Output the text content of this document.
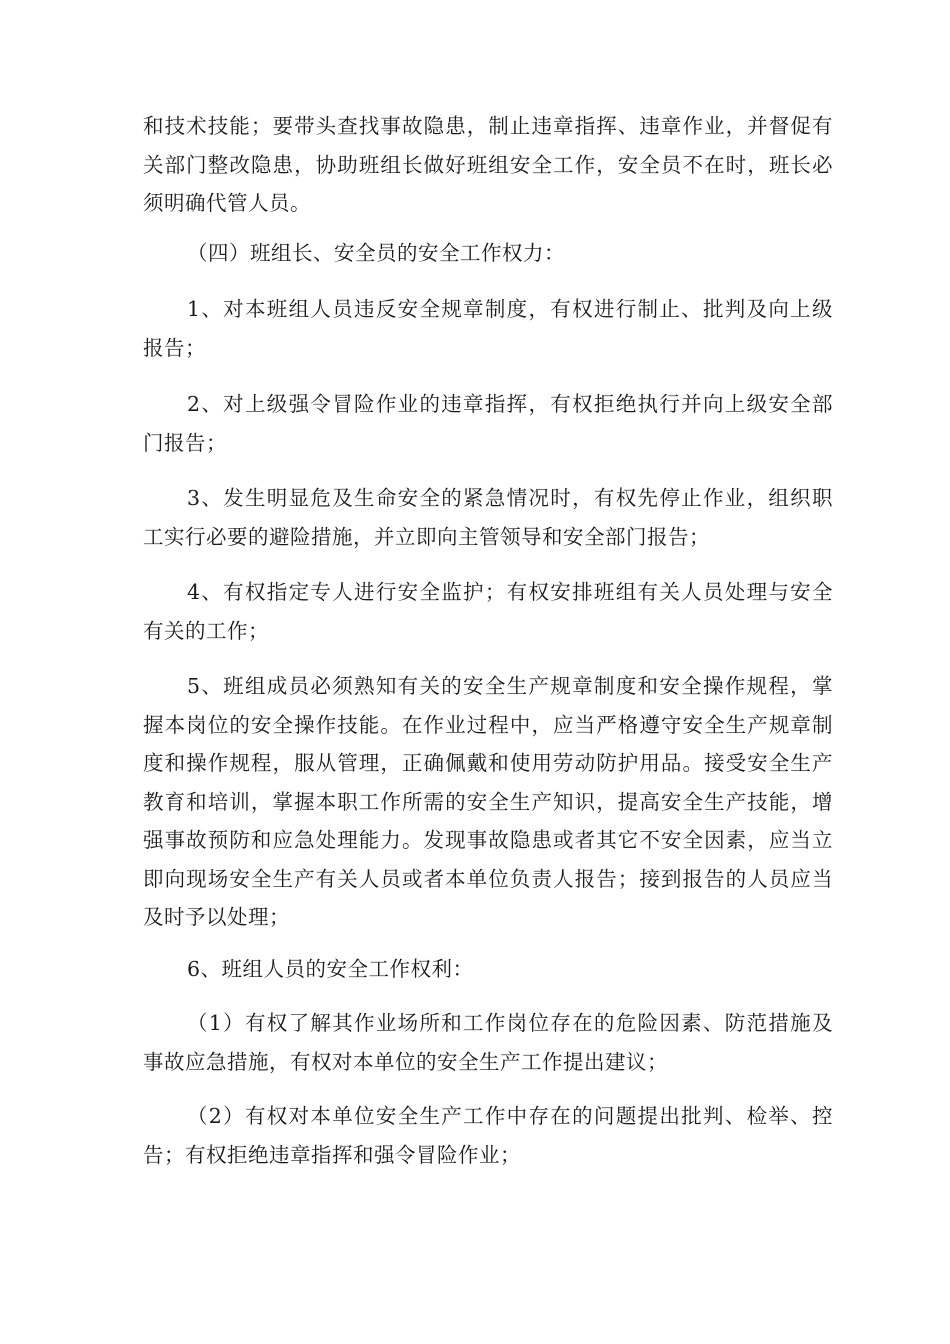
和技术技能；要带头查找事故隐患，制止违章指挥、违章作业，并督促有
关部门整改隐患，协助班组长做好班组安全工作，安全员不在时，班长必
须明确代管人员。

（四）班组长、安全员的安全工作权力：

1、对本班组人员违反安全规章制度，有权进行制止、批判及向上级
报告；

2、对上级强令冒险作业的违章指挥，有权拒绝执行并向上级安全部
门报告；

3、发生明显危及生命安全的紧急情况时，有权先停止作业，组织职
工实行必要的避险措施，并立即向主管领导和安全部门报告；

4、有权指定专人进行安全监护；有权安排班组有关人员处理与安全
有关的工作；

5、班组成员必须熟知有关的安全生产规章制度和安全操作规程，掌
握本岗位的安全操作技能。在作业过程中，应当严格遵守安全生产规章制
度和操作规程，服从管理，正确佩戴和使用劳动防护用品。接受安全生产
教育和培训，掌握本职工作所需的安全生产知识，提高安全生产技能，增
强事故预防和应急处理能力。发现事故隐患或者其它不安全因素，应当立
即向现场安全生产有关人员或者本单位负责人报告；接到报告的人员应当
及时予以处理；

6、班组人员的安全工作权利：

（1）有权了解其作业场所和工作岗位存在的危险因素、防范措施及
事故应急措施，有权对本单位的安全生产工作提出建议；

（2）有权对本单位安全生产工作中存在的问题提出批判、检举、控
告；有权拒绝违章指挥和强令冒险作业；
